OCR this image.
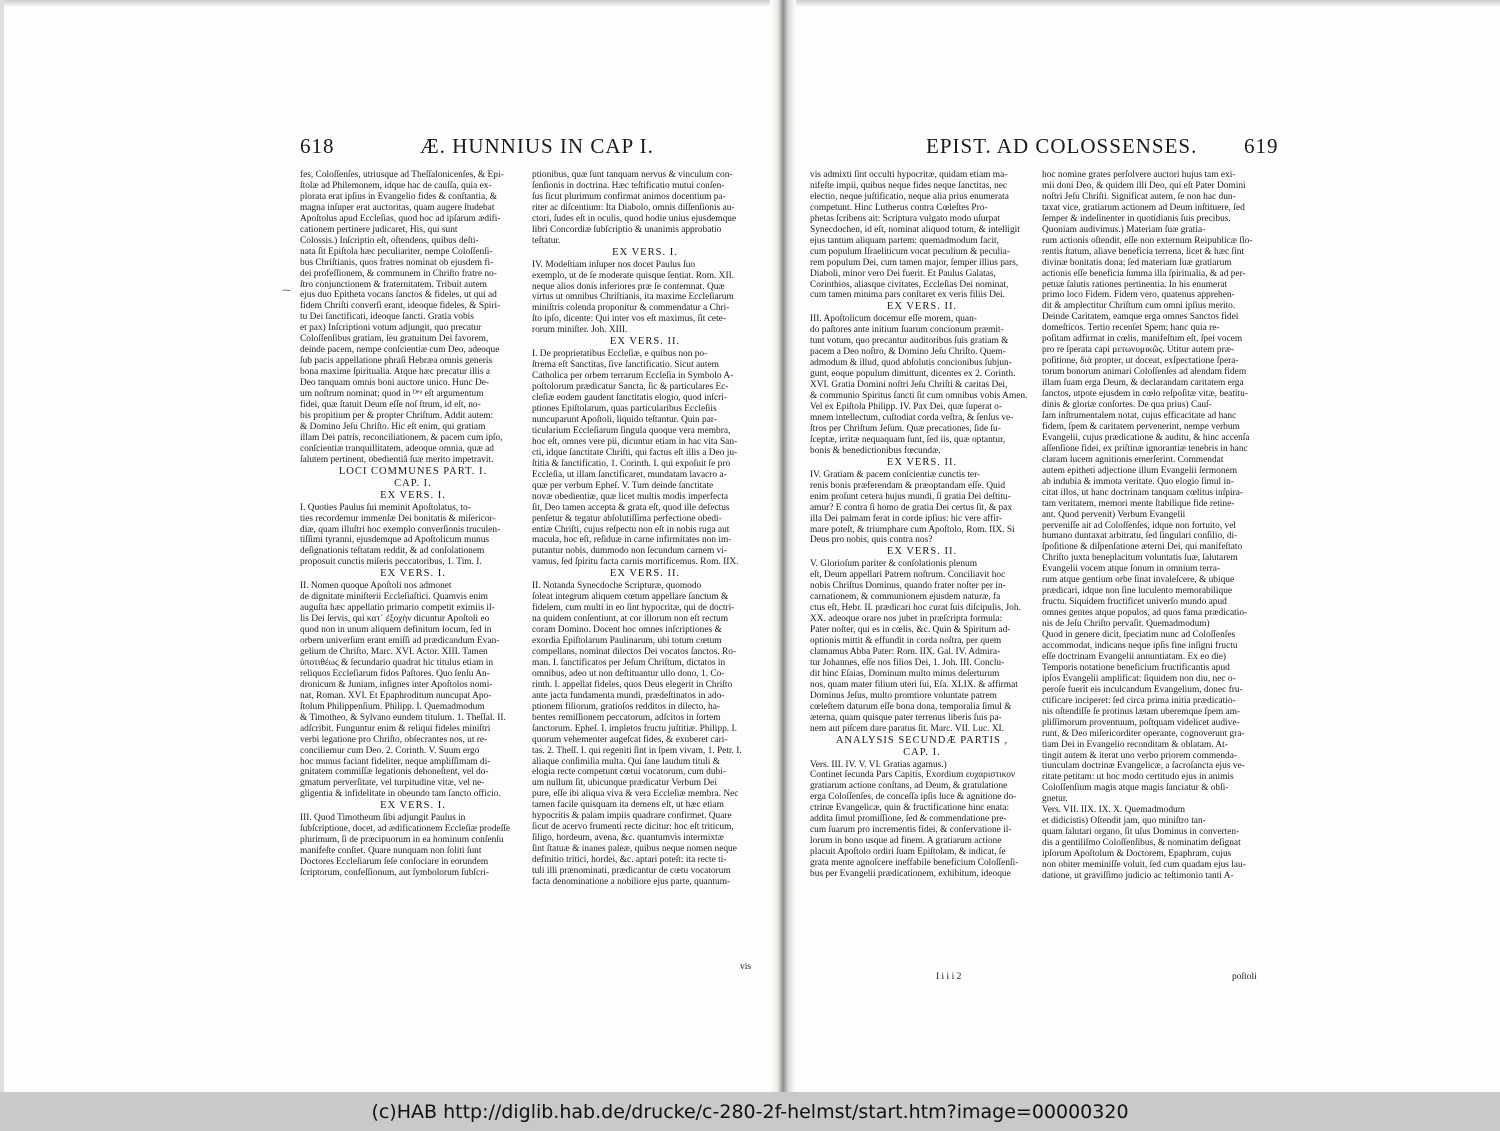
618	Æ. HUNNIUS IN CAP I.
⁓
fes, Coloſſenſes, utriusque ad Theſſalonicenſes, & Epi-
ſtolæ ad Philemonem, idque hac de cauſſa, quia ex-
plorata erat ipſius in Evangelio fides & conſtantia, &
magna inſuper erat auctoritas, quam augere ſtudebat
Apoſtolus apud Eccleſias, quod hoc ad ipſarum ædifi-
cationem pertinere judicaret, His, qui sunt
Colossis.) Inſcriptio eſt, oſtendens, quibus deſti-
nata ſit Epiſtola hæc peculiariter, nempe Coloſſenſi-
bus Chriſtianis, quos fratres nominat ob ejusdem fi-
dei profeſſionem, & communem in Chriſto fratre no-
ſtro conjunctionem & fraternitatem. Tribuit autem
ejus duo Epitheta vocans ſanctos & fideles, ut qui ad
fidem Chriſti converſi erant, ideoque fideles, & Spiri-
tu Dei ſanctificati, ideoque ſancti. Gratia vobis
et pax) Inſcriptioni votum adjungit, quo precatur
Coloſſenſibus gratiam, ſeu gratuitum Dei favorem,
deinde pacem, nempe conſcientiæ cum Deo, adeoque
ſub pacis appellatione phraſi Hebræa omnis generis
bona maxime ſpiritualia. Atque hæc precatur illis a
Deo tanquam omnis boni auctore unico. Hunc De-
um noſtrum nominat; quod in ᴰᵉᵘ eſt argumentum
fidei, quæ ſtatuit Deum eſſe noſ ſtrum, id eſt, no-
bis propitium per & propter Chriſtum. Addit autem:
& Domino Jeſu Chriſto. Hic eſt enim, qui gratiam
illam Dei patris, reconciliationem, & pacem cum ipſo,
conſcientiæ tranquillitatem, adeoque omnia, quæ ad
ſalutem pertinent, obedientiâ ſuæ merito impetravit.
LOCI COMMUNES PART. I.
CAP. I.
EX VERS. I.
I. Quoties Paulus ſui meminit Apoſtolatus, to-
ties recordemur immenſæ Dei bonitatis & miſericor-
diæ, quam illuſtri hoc exemplo converſionis truculen-
tiſſimi tyranni, ejusdemque ad Apoſtolicum munus
deſignationis teſtatam reddit, & ad conſolationem
proposuit cunctis miſeris peccatoribus, 1. Tim. I.
EX VERS. I.
II. Nomen quoque Apoſtoli nos admonet
de dignitate miniſterii Eccleſiaſtici. Quamvis enim
auguſta hæc appellatio primario competit eximiis il-
lis Dei ſervis, qui κατ᾽ ἐξοχὴν dicuntur Apoſtoli eo
quod non in unum aliquem definitum locum, ſed in
orbem univerſum erant emiſſi ad prædicandum Evan-
gelium de Chriſto, Marc. XVI. Actor. XIII. Tamen
ὑποτιθέως & ſecundario quadrat hic titulus etiam in
reliquos Eccleſiarum fidos Paſtores. Quo ſenſu An-
dronicum & Juniam, inſignes inter Apoſtolos nomi-
nat, Roman. XVI. Et Epaphroditum nuncupat Apo-
ſtolum Philippenſium. Philipp. I. Quemadmodum
& Timotheo, & Sylvano eundem titulum. 1. Theſſal. II.
adſcribit. Funguntur enim & reliqui fideles miniſtri
verbi legatione pro Chriſto, obſecrantes nos, ut re-
conciliemur cum Deo. 2. Corinth. V. Suum ergo
hoc munus faciant fideliter, neque ampliſſimam di-
gnitatem commiſſæ legationis dehoneſtent, vel do-
gmatum perverſitate, vel turpitudine vitæ, vel ne-
gligentia & infidelitate in obeundo tam ſancto officio.
EX VERS. I.
III. Quod Timotheum ſibi adjungit Paulus in
ſubſcriptione, docet, ad ædificationem Eccleſiæ prodeſſe
plurimum, ſi de præcipuorum in ea hominum conſenſu
manifeſte conſtet. Quare nunquam non ſoliti ſunt
Doctores Eccleſiarum ſeſe conſociare in eorundem
ſcriptorum, confeſſionum, aut ſymbolorum ſubſcri-
ptionibus, quæ ſunt tanquam nervus & vinculum con-
ſenſionis in doctrina. Hæc teſtificatio mutui conſen-
ſus ſicut plurimum confirmat animos docentium pa-
riter ac diſcentium: Ita Diabolo, omnis diſſenſionis au-
ctori, ſudes eſt in oculis, quod hodie unius ejusdemque
libri Concordiæ ſubſcriptio & unanimis approbatio
teſtatur.
EX VERS. I.
IV. Modeſtiam inſuper nos docet Paulus ſuo
exemplo, ut de ſe moderate quisque ſentiat. Rom. XII.
neque alios donis inferiores præ ſe contemnat. Quæ
virtus ut omnibus Chriſtianis, ita maxime Eccleſiarum
miniſtris colenda proponitur & commendatur a Chri-
ſto ipſo, dicente: Qui inter vos eſt maximus, ſit cete-
rorum miniſter. Joh. XIII.
EX VERS. II.
I. De proprietatibus Eccleſiæ, e quibus non po-
ſtrema eſt Sanctitas, ſive ſanctificatio. Sicut autem
Catholica per orbem terrarum Eccleſia in Symbolo A-
poſtolorum prædicatur Sancta, ſic & particulares Ec-
cleſiæ eodem gaudent ſanctitatis elogio, quod inſcri-
ptiones Epiſtolarum, quas particularibus Eccleſiis
nuncuparunt Apoſtoli, liquido teſtantur. Quin par-
ticularium Eccleſiarum ſingula quoque vera membra,
hoc eſt, omnes vere pii, dicuntur etiam in hac vita San-
cti, idque ſanctitate Chriſti, qui factus eſt illis a Deo ju-
ſtitia & ſanctificatio, 1. Corinth. I. qui expoſuit ſe pro
Eccleſia, ut illam ſanctificaret, mundatam lavacro a-
quæ per verbum Epheſ. V. Tum deinde ſanctitate
novæ obedientiæ, quæ licet multis modis imperfecta
ſit, Deo tamen accepta & grata eſt, quod ille defectus
penſetur & tegatur abſolutiſſima perfectione obedi-
entiæ Chriſti, cujus reſpectu non eſt in nobis ruga aut
macula, hoc eſt, reſiduæ in carne infirmitates non im-
putantur nobis, dummodo non ſecundum carnem vi-
vamus, ſed ſpiritu facta carnis mortificemus. Rom. IIX.
EX VERS. II.
II. Notanda Synecdoche Scripturæ, quomodo
ſoleat integrum aliquem cœtum appellare ſanctum &
fidelem, cum multi in eo ſint hypocritæ, qui de doctri-
na quidem conſentiunt, at cor illorum non eſt rectum
coram Domino. Docent hoc omnes inſcriptiones &
exordia Epiſtolarum Paulinarum, ubi totum cœtum
compellans, nominat dilectos Dei vocatos ſanctos. Ro-
man. I. ſanctificatos per Jeſum Chriſtum, dictatos in
omnibus, adeo ut non deſtituantur ullo dono, 1. Co-
rinth. I. appellat fideles, quos Deus elegerit in Chriſto
ante jacta fundamenta mundi, prædeſtinatos in ado-
ptionem filiorum, gratioſos redditos in dilecto, ha-
bentes remiſſionem peccatorum, adſcitos in ſortem
ſanctorum. Epheſ. I. impletos fructu juſtitiæ. Philipp. I.
quorum vehementer augeſcat fides, & exuberet cari-
tas. 2. Theſſ. I. qui regeniti ſint in ſpem vivam, 1. Petr. I.
aliaque conſimilia multa. Qui ſane laudum tituli &
elogia recte competunt cœtui vocatorum, cum dubi-
um nullum ſit, ubicunque prædicatur Verbum Dei
pure, eſſe ibi aliqua viva & vera Eccleſiæ membra. Nec
tamen facile quisquam ita demens eſt, ut hæc etiam
hypocritis & palam impiis quadrare confirmet. Quare
ſicut de acervo frumenti recte dicitur: hoc eſt triticum,
ſiligo, hordeum, avena, &c. quantumvis intermixtæ
ſint ſtatuæ & inanes paleæ, quibus neque nomen neque
definitio tritici, hordei, &c. aptari poteſt: ita recte ti-
tuli illi prænominati, prædicantur de cœtu vocatorum
facta denominatione a nobiliore ejus parte, quantum-
vis
EPIST. AD COLOSSENSES. 619
vis admixti ſint occulti hypocritæ, quidam etiam ma-
nifeſte impii, quibus neque fides neque ſanctitas, nec
electio, neque juſtificatio, neque alia prius enumerata
competunt. Hinc Lutherus contra Cœleſtes Pro-
phetas ſcribens ait: Scriptura vulgato modo uſurpat
Synecdochen, id eſt, nominat aliquod totum, & intelligit
ejus tantum aliquam partem: quemadmodum facit,
cum populum Iſraeliticum vocat peculium & peculia-
rem populum Dei, cum tamen major, ſemper illius pars,
Diaboli, minor vero Dei fuerit. Et Paulus Galatas,
Corinthios, aliasque civitates, Eccleſias Dei nominat,
cum tamen minima pars conſtaret ex veris filiis Dei.
EX VERS. II.
III. Apoſtolicum docemur eſſe morem, quan-
do paſtores ante initium ſuarum concionum præmit-
tunt votum, quo precantur auditoribus ſuis gratiam &
pacem a Deo noſtro, & Domino Jeſu Chriſto. Quem-
admodum & illud, quod abſolutis concionibus ſubjun-
gunt, eoque populum dimittunt, dicentes ex 2. Corinth.
XVI. Gratia Domini noſtri Jeſu Chriſti & caritas Dei,
& communio Spiritus ſancti ſit cum omnibus vobis Amen.
Vel ex Epiſtola Philipp. IV. Pax Dei, quæ ſuperat o-
mnem intellectum, cuſtodiat corda veſtra, & ſenſus ve-
ſtros per Chriſtum Jeſum. Quæ precationes, ſide ſu-
ſceptæ, irritæ nequaquam ſunt, ſed iis, quæ optantur,
bonis & benedictionibus fœcundæ.
EX VERS. II.
IV. Gratiam & pacem conſcientiæ cunctis ter-
renis bonis præferendam & præoptandam eſſe. Quid
enim proſunt cetera hujus mundi, ſi gratia Dei deſtitu-
amur? E contra ſi homo de gratia Dei certus ſit, & pax
illa Dei palmam ferat in corde ipſius: hic vere affir-
mare poteſt, & triumphare cum Apoſtolo, Rom. IIX. Si
Deus pro nobis, quis contra nos?
EX VERS. II.
V. Glorioſum pariter & conſolationis plenum
eſt, Deum appellari Patrem noſtrum. Conciliavit hoc
nobis Chriſtus Dominus, quando frater noſter per in-
carnationem, & communionem ejusdem naturæ, fa
ctus eſt, Hebr. II. prædicari hoc curat ſuis diſcipulis, Joh.
XX. adeoque orare nos jubet in præſcripta formula:
Pater noſter, qui es in cœlis, &c. Quin & Spiritum ad-
optionis mittit & effundit in corda noſtra, per quem
clamamus Abba Pater: Rom. IIX. Gal. IV. Admira-
tur Johannes, eſſe nos filios Dei, 1. Joh. III. Conclu-
dit hinc Eſaias, Dominum multo minus deſerturum
nos, quam mater filium uteri ſui, Eſa. XLIX. & affirmat
Dominus Jeſus, multo promtiore voluntate patrem
cœleſtem daturum eſſe bona dona, temporalia ſimul &
æterna, quam quisque pater terrenus liberis ſuis pa-
nem aut piſcem dare paratus ſit. Marc. VII. Luc. XI.
ANALYSIS SECUNDÆ PARTIS ,
CAP. I.
Vers. III. IV. V. VI. Gratias agamus.)
Continet ſecunda Pars Capitis, Exordium ευχαριστικον
gratiarum actione conſtans, ad Deum, & gratulatione
erga Coloſſenſes, de conceſſa ipſis luce & agnitione do-
ctrinæ Evangelicæ, quin & fructificatione hinc enata:
addita ſimul promiſſione, ſed & commendatione pre-
cum ſuarum pro incrementis fidei, & conſervatione il-
lorum in bono usque ad finem. A gratiarum actione
placuit Apoſtolo ordiri ſuam Epiſtolam, & indicat, ſe
grata mente agnoſcere ineffabile beneficium Coloſſenſi-
bus per Evangelii prædicationem, exhibitum, ideoque
hoc nomine grates perſolvere auctori hujus tam exi-
mii doni Deo, & quidem illi Deo, qui eſt Pater Domini
noſtri Jeſu Chriſti. Significat autem, ſe non hac dun-
taxat vice, gratiarum actionem ad Deum inſtituere, ſed
ſemper & indeſinenter in quotidianis ſuis precibus.
Quoniam audivimus.) Materiam ſuæ gratia-
rum actionis oſtendit, eſſe non externum Reipublicæ ſlo-
rentis ſtatum, aliave beneficia terrena, licet & hæc ſint
divinæ bonitatis dona; ſed materiam ſuæ gratiarum
actionis eſſe beneficia ſumma illa ſpiritualia, & ad per-
petuæ ſalutis rationes pertinentia. In his enumerat
primo loco Fidem. Fidem vero, quatenus apprehen-
dit & amplectitur Chriſtum cum omni ipſius merito.
Deinde Caritatem, eamque erga omnes Sanctos fidei
domeſticos. Tertio recenſet Spem; hanc quia re-
poſitam adfirmat in cœlis, manifeſtum eſt, ſpei vocem
pro re ſperata capi μετωνυμικῶς. Utitur autem præ-
poſitione, διὰ propter, ut doceat, exſpectatione ſpera-
torum bonorum animari Coloſſenſes ad alendam fidem
illam ſuam erga Deum, & declarandam caritatem erga
ſanctos, utpote ejusdem in cœlo reſpoſitæ vitæ, beatitu-
dinis & gloriæ conſortes. De qua prius) Cauſ-
ſam inſtrumentalem notat, cujus efficacitate ad hanc
fidem, ſpem & caritatem pervenerint, nempe verbum
Evangelii, cujus prædicatione & auditu, & hinc accenſa
aſſenſione fidei, ex priſtinæ ignorantiæ tenebris in hanc
claram lucem agnitionis emerſerint. Commendat
autem epitheti adjectione illum Evangelii ſermonem
ab indubia & immota veritate. Quo elogio ſimul in-
citat illos, ut hanc doctrinam tanquam cœlitus inſpira-
tam veritatem, memori mente ſtabilique fide retine-
ant. Quod pervenit) Verbum Evangelii
perveniſſe ait ad Coloſſenſes, idque non fortuito, vel
humano duntaxat arbitratu, ſed ſingulari conſilio, di-
ſpoſitione & diſpenſatione æterni Dei, qui manifeſtato
Chriſto juxta beneplacitum voluntatis ſuæ, ſalutarem
Evangelii vocem atque ſonum in omnium terra-
rum atque gentium orbe ſinat invaleſcere, & ubique
prædicari, idque non ſine luculento memorabilique
fructu. Siquidem fructificet univerſo mundo apud
omnes gentes atque populos, ad quos fama prædicatio-
nis de Jeſu Chriſto pervaſit. Quemadmodum)
Quod in genere dicit, ſpeciatim nunc ad Coloſſenſes
accommodat, indicans neque ipſis fine inſigni fructu
eſſe doctrinam Evangelii annuntiatam. Ex eo die)
Temporis notatione beneficium fructificantis apud
ipſos Evangelii amplificat: ſiquidem non diu, nec o-
peroſe fuerit eis inculcandum Evangelium, donec fru-
ctificare inciperet: ſed circa prima initia prædicatio-
nis oſtendiſſe ſe protinus lætam uberemque ſpem am-
pliſſimorum proventuum, poſtquam videlicet audive-
runt, & Deo miſericorditer operante, cognoverunt gra-
tiam Dei in Evangelio reconditam & oblatam. At-
tingit autem & iterat uno verbo priorem commenda-
tiunculam doctrinæ Evangelicæ, a ſacroſancta ejus ve-
ritate petitam: ut hoc modo certitudo ejus in animis
Coloſſenſium magis atque magis ſanciatur & obſi-
gnetur.
Vers. VII. IIX. IX. X. Quemadmodum
et didicistis) Oſtendit jam, quo miniſtro tan-
quam ſalutari organo, ſit uſus Dominus in converten-
dis a gentiliſmo Coloſſenſibus, & nominatim deſignat
ipſorum Apoſtolum & Doctorem, Epaphram, cujus
non obiter meminiſſe voluit, ſed cum quadam ejus lau-
datione, ut graviſſimo judicio ac teſtimonio tanti A-
I i i i 2	poſtoli
(c)HAB http://diglib.hab.de/drucke/c-280-2f-helmst/start.htm?image=00000320
